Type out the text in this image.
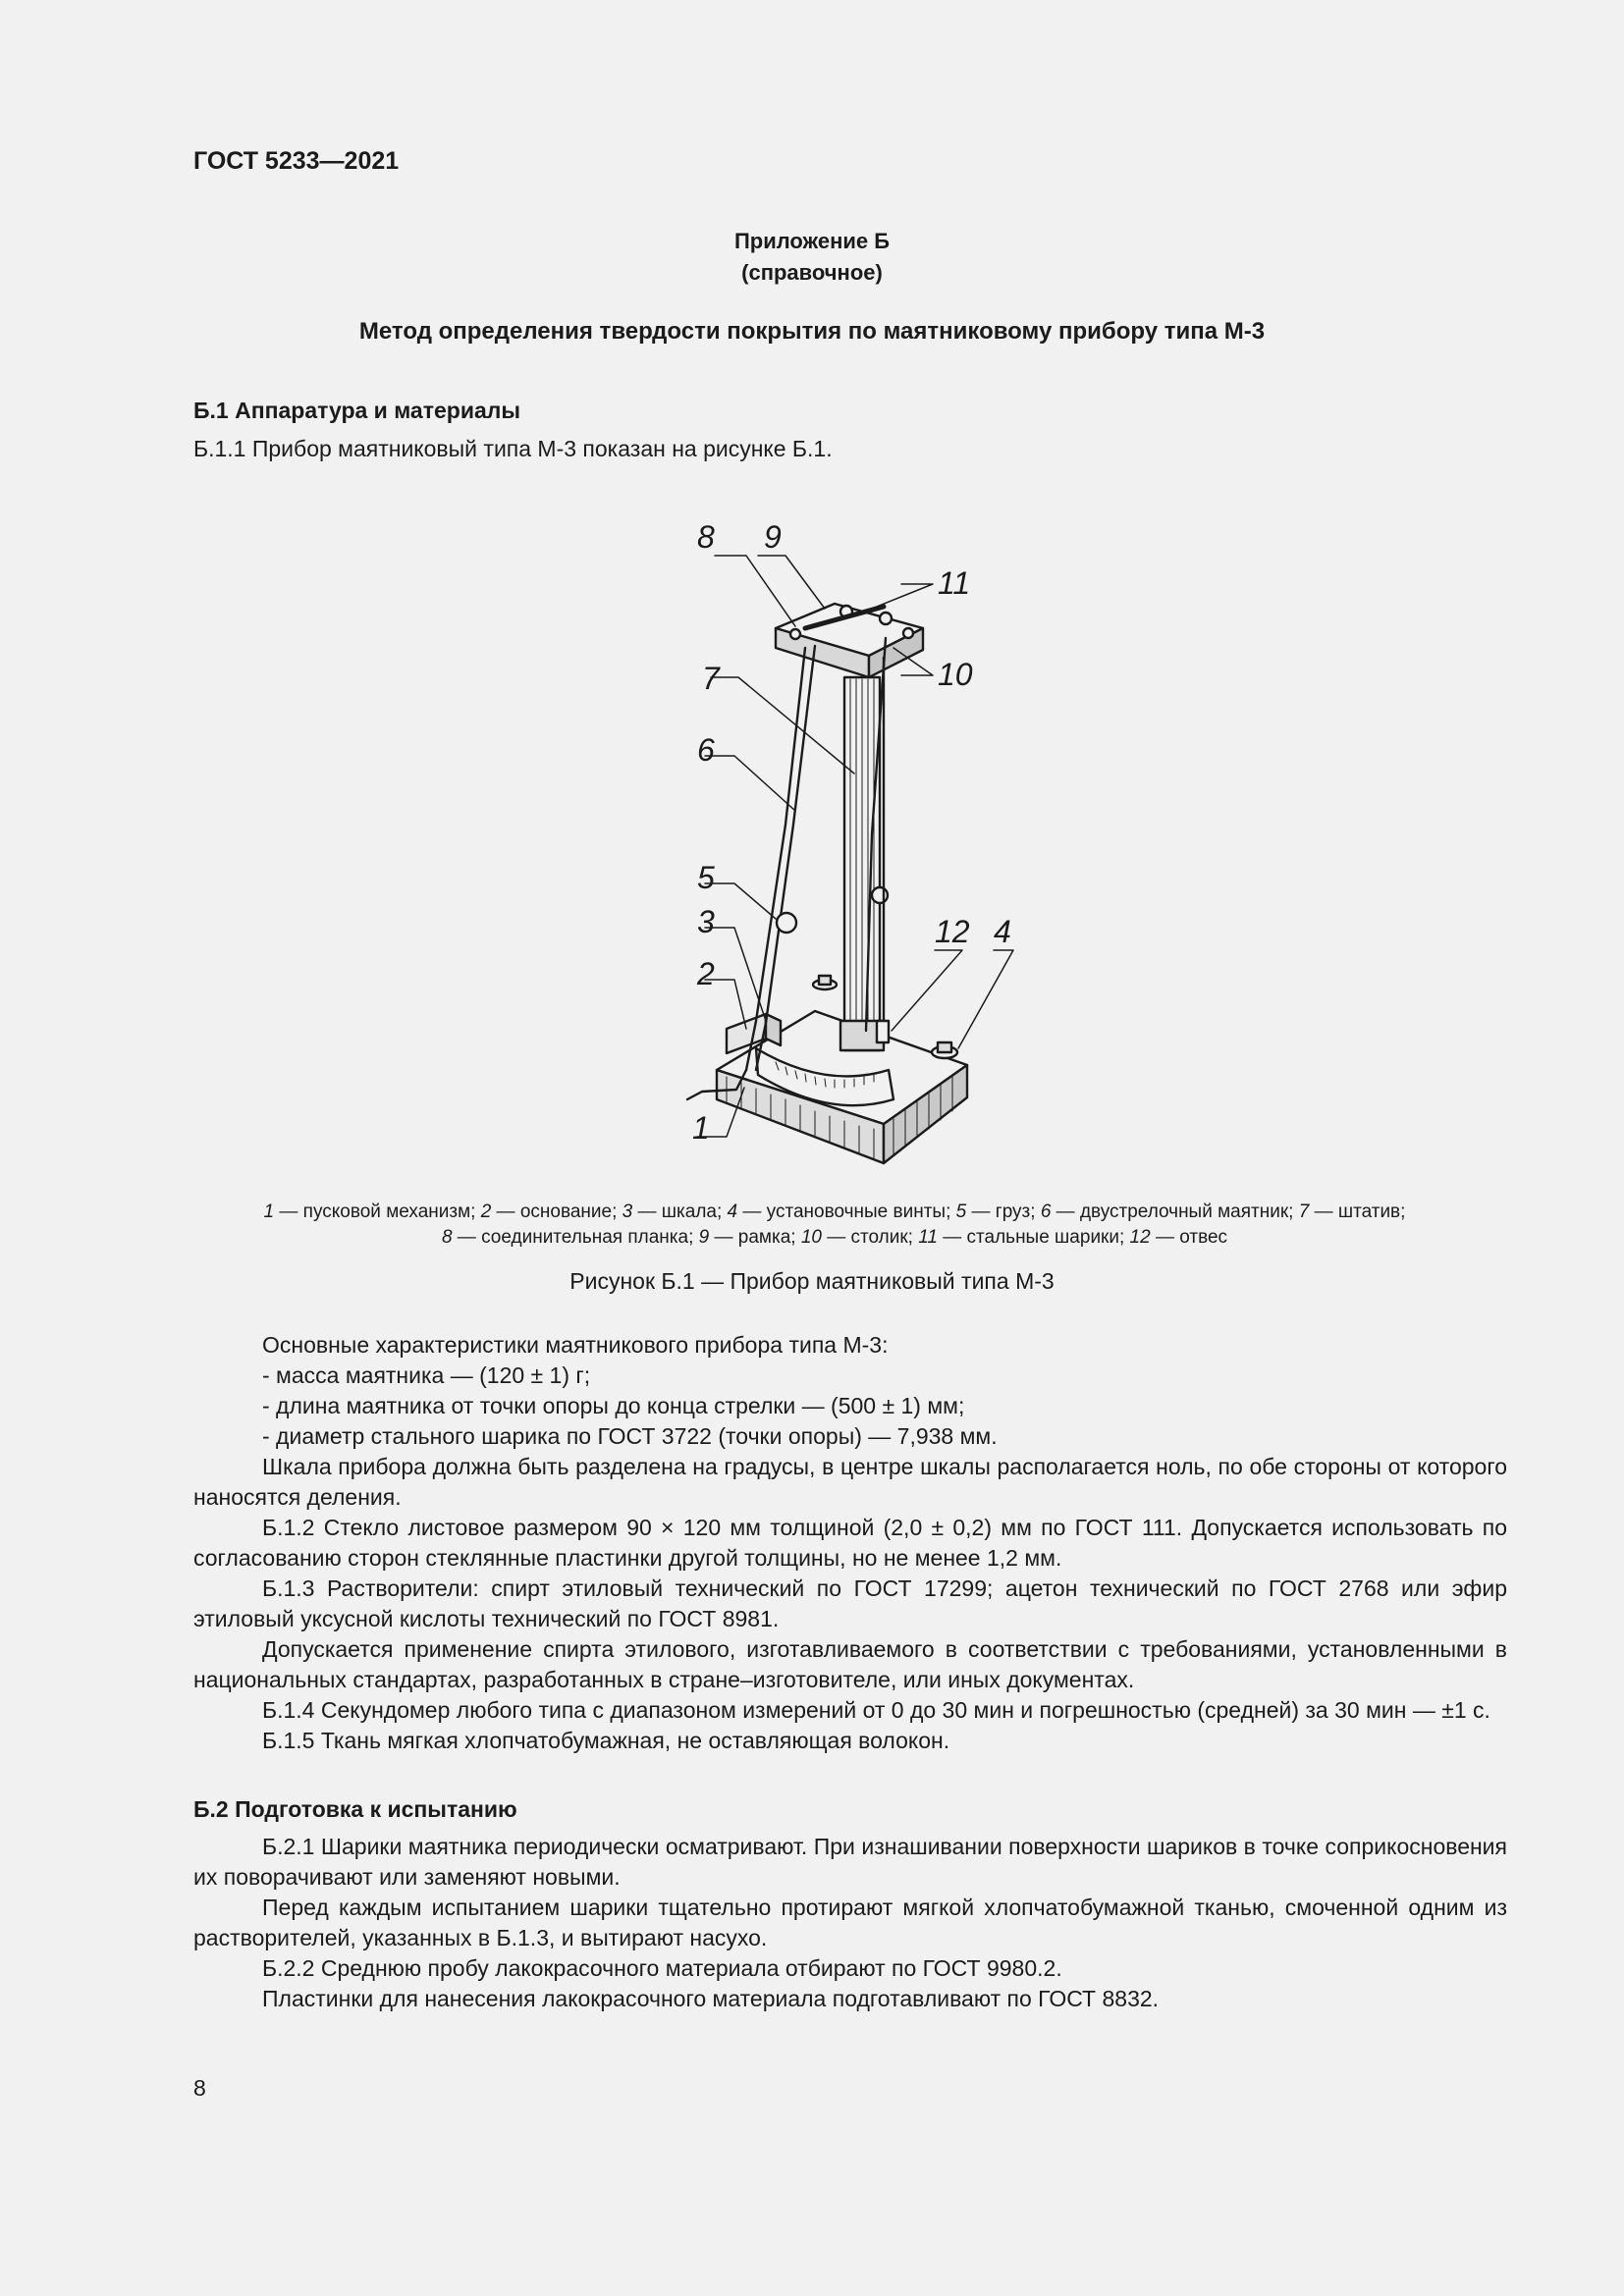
ГОСТ 5233—2021
Приложение Б
(справочное)
Метод определения твердости покрытия по маятниковому прибору типа М-3
Б.1 Аппаратура и материалы
Б.1.1 Прибор маятниковый типа М-3 показан на рисунке Б.1.
8 9
11
10
7
6
5
3
2
12 4
1
1 — пусковой механизм; 2 — основание; 3 — шкала; 4 — установочные винты; 5 — груз; 6 — двустрелочный маятник; 7 — штатив;
8 — соединительная планка; 9 — рамка; 10 — столик; 11 — стальные шарики; 12 — отвес
Рисунок Б.1 — Прибор маятниковый типа М-3
Основные характеристики маятникового прибора типа М-3:
- масса маятника — (120 ± 1) г;
- длина маятника от точки опоры до конца стрелки — (500 ± 1) мм;
- диаметр стального шарика по ГОСТ 3722 (точки опоры) — 7,938 мм.
Шкала прибора должна быть разделена на градусы, в центре шкалы располагается ноль, по обе стороны от которого наносятся деления.
Б.1.2 Стекло листовое размером 90 × 120 мм толщиной (2,0 ± 0,2) мм по ГОСТ 111. Допускается использовать по согласованию сторон стеклянные пластинки другой толщины, но не менее 1,2 мм.
Б.1.3 Растворители: спирт этиловый технический по ГОСТ 17299; ацетон технический по ГОСТ 2768 или эфир этиловый уксусной кислоты технический по ГОСТ 8981.
Допускается применение спирта этилового, изготавливаемого в соответствии с требованиями, установленными в национальных стандартах, разработанных в стране–изготовителе, или иных документах.
Б.1.4 Секундомер любого типа с диапазоном измерений от 0 до 30 мин и погрешностью (средней) за 30 мин — ±1 с.
Б.1.5 Ткань мягкая хлопчатобумажная, не оставляющая волокон.
Б.2 Подготовка к испытанию
Б.2.1 Шарики маятника периодически осматривают. При изнашивании поверхности шариков в точке соприкосновения их поворачивают или заменяют новыми.
Перед каждым испытанием шарики тщательно протирают мягкой хлопчатобумажной тканью, смоченной одним из растворителей, указанных в Б.1.3, и вытирают насухо.
Б.2.2 Среднюю пробу лакокрасочного материала отбирают по ГОСТ 9980.2.
Пластинки для нанесения лакокрасочного материала подготавливают по ГОСТ 8832.
8
